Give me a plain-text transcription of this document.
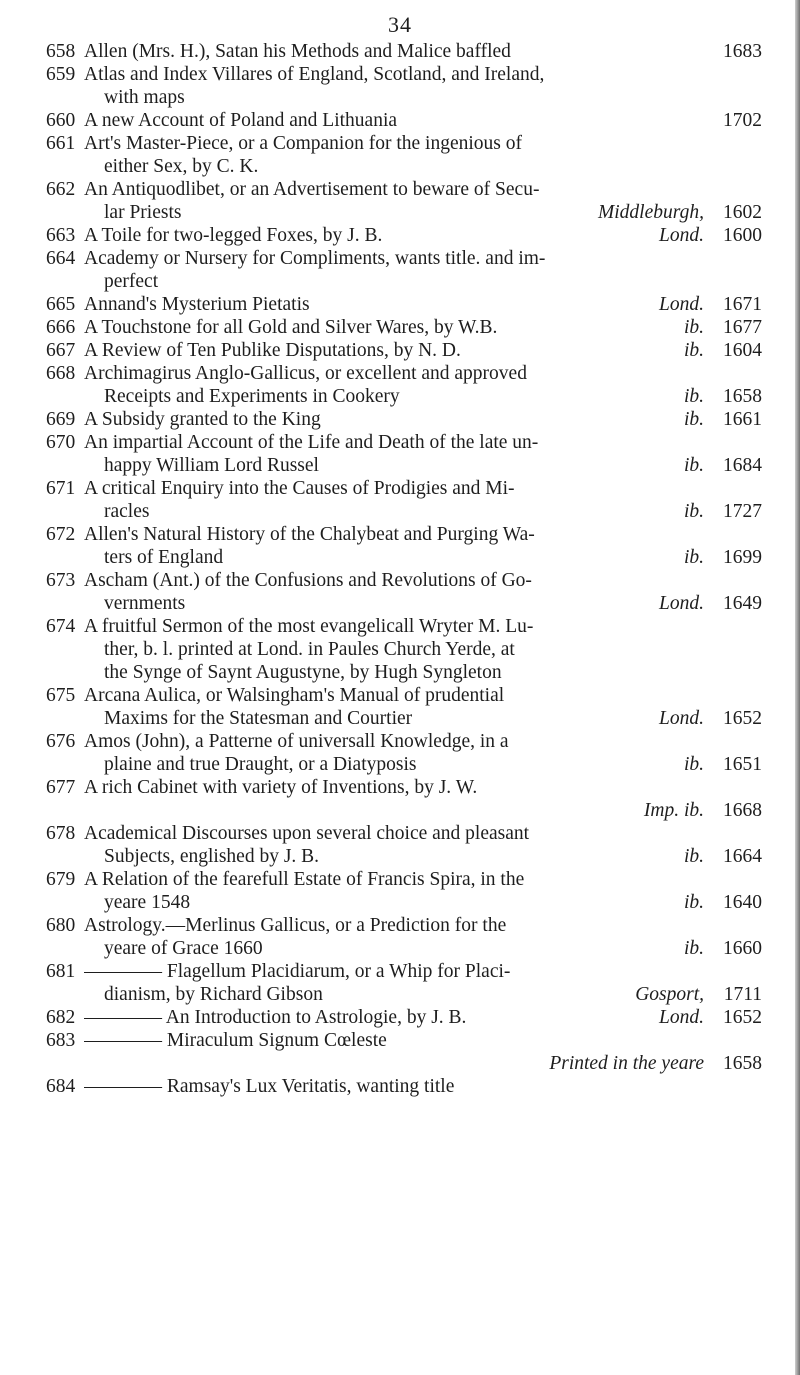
34
658 Allen (Mrs. H.), Satan his Methods and Malice baffled	1683
659 Atlas and Index Villares of England, Scotland, and Ireland,
with maps
660 A new Account of Poland and Lithuania	1702
661 Art's Master-Piece, or a Companion for the ingenious of
either Sex, by C. K.
662 An Antiquodlibet, or an Advertisement to beware of Secu-
lar Priests	Middleburgh, 1602
663 A Toile for two-legged Foxes, by J. B.	Lond. 1600
664 Academy or Nursery for Compliments, wants title. and im-
perfect
665 Annand's Mysterium Pietatis	Lond. 1671
666 A Touchstone for all Gold and Silver Wares, by W.B.	ib. 1677
667 A Review of Ten Publike Disputations, by N. D.	ib. 1604
668 Archimagirus Anglo-Gallicus, or excellent and approved
Receipts and Experiments in Cookery	ib. 1658
669 A Subsidy granted to the King	ib. 1661
670 An impartial Account of the Life and Death of the late un-
happy William Lord Russel	ib. 1684
671 A critical Enquiry into the Causes of Prodigies and Mi-
racles	ib. 1727
672 Allen's Natural History of the Chalybeat and Purging Wa-
ters of England	ib. 1699
673 Ascham (Ant.) of the Confusions and Revolutions of Go-
vernments	Lond. 1649
674 A fruitful Sermon of the most evangelicall Wryter M. Lu-
ther, b. l. printed at Lond. in Paules Church Yerde, at
the Synge of Saynt Augustyne, by Hugh Syngleton
675 Arcana Aulica, or Walsingham's Manual of prudential
Maxims for the Statesman and Courtier	Lond. 1652
676 Amos (John), a Patterne of universall Knowledge, in a
plaine and true Draught, or a Diatyposis	ib. 1651
677 A rich Cabinet with variety of Inventions, by J. W.
Imp. ib. 1668
678 Academical Discourses upon several choice and pleasant
Subjects, englished by J. B.	ib. 1664
679 A Relation of the fearefull Estate of Francis Spira, in the
yeare 1548	ib. 1640
680 Astrology.—Merlinus Gallicus, or a Prediction for the
yeare of Grace 1660	ib. 1660
681 ———— Flagellum Placidiarum, or a Whip for Placi-
dianism, by Richard Gibson	Gosport,	1711
682 ———— An Introduction to Astrologie, by J. B.	Lond. 1652
683 ———— Miraculum Signum Cœleste
Printed in the yeare 1658
684 ———— Ramsay's Lux Veritatis, wanting title
